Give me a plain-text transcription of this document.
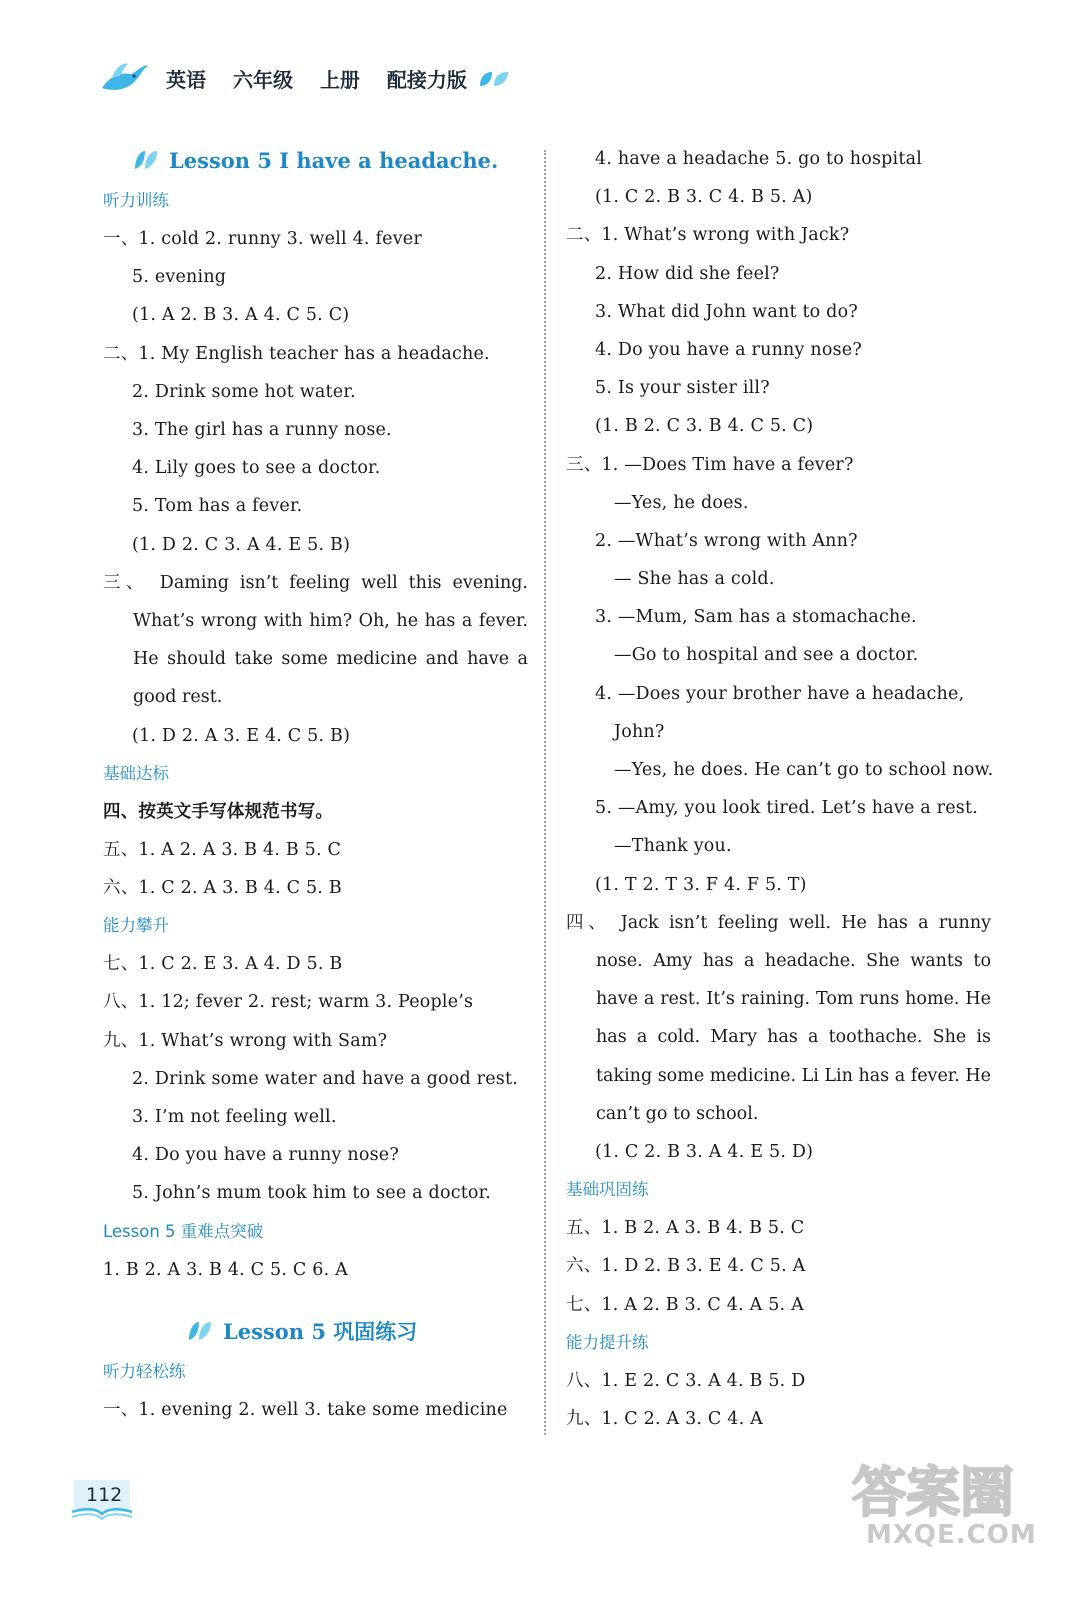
英语 六年级 上册 配接力版
Lesson 5 I have a headache.
听力训练
一、1. cold 2. runny 3. well 4. fever
5. evening
(1. A 2. B 3. A 4. C 5. C)
二、1. My English teacher has a headache.
2. Drink some hot water.
3. The girl has a runny nose.
4. Lily goes to see a doctor.
5. Tom has a fever.
(1. D 2. C 3. A 4. E 5. B)
三、 Daming isn’t feeling well this evening. What’s wrong with him? Oh, he has a fever. He should take some medicine and have a good rest.
(1. D 2. A 3. E 4. C 5. B)
基础达标
四、按英文手写体规范书写。
五、1. A 2. A 3. B 4. B 5. C
六、1. C 2. A 3. B 4. C 5. B
能力攀升
七、1. C 2. E 3. A 4. D 5. B
八、1. 12; fever 2. rest; warm 3. People’s
九、1. What’s wrong with Sam?
2. Drink some water and have a good rest.
3. I’m not feeling well.
4. Do you have a runny nose?
5. John’s mum took him to see a doctor.
Lesson 5 重难点突破
1. B 2. A 3. B 4. C 5. C 6. A
Lesson 5 巩固练习
听力轻松练
一、1. evening 2. well 3. take some medicine
4. have a headache 5. go to hospital
(1. C 2. B 3. C 4. B 5. A)
二、1. What’s wrong with Jack?
2. How did she feel?
3. What did John want to do?
4. Do you have a runny nose?
5. Is your sister ill?
(1. B 2. C 3. B 4. C 5. C)
三、1. —Does Tim have a fever?
—Yes, he does.
2. —What’s wrong with Ann?
— She has a cold.
3. —Mum, Sam has a stomachache.
—Go to hospital and see a doctor.
4. —Does your brother have a headache,
John?
—Yes, he does. He can’t go to school now.
5. —Amy, you look tired. Let’s have a rest.
—Thank you.
(1. T 2. T 3. F 4. F 5. T)
四、 Jack isn’t feeling well. He has a runny nose. Amy has a headache. She wants to have a rest. It’s raining. Tom runs home. He has a cold. Mary has a toothache. She is taking some medicine. Li Lin has a fever. He can’t go to school.
(1. C 2. B 3. A 4. E 5. D)
基础巩固练
五、1. B 2. A 3. B 4. B 5. C
六、1. D 2. B 3. E 4. C 5. A
七、1. A 2. B 3. C 4. A 5. A
能力提升练
八、1. E 2. C 3. A 4. B 5. D
九、1. C 2. A 3. C 4. A
112	答案圈
MXQE.COM
